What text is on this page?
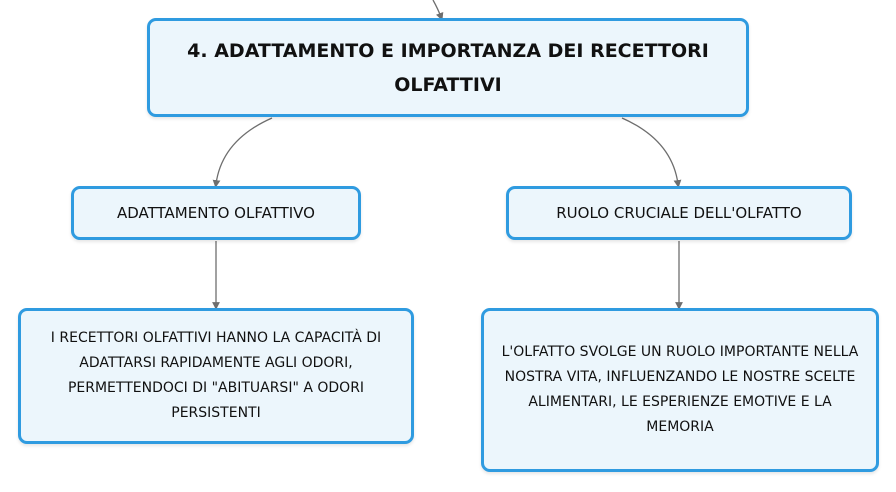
4. ADATTAMENTO E IMPORTANZA DEI RECETTORI OLFATTIVI
ADATTAMENTO OLFATTIVO	RUOLO CRUCIALE DELL'OLFATTO
I RECETTORI OLFATTIVI HANNO LA CAPACITÀ DI ADATTARSI RAPIDAMENTE AGLI ODORI, PERMETTENDOCI DI "ABITUARSI" A ODORI PERSISTENTI
L'OLFATTO SVOLGE UN RUOLO IMPORTANTE NELLA NOSTRA VITA, INFLUENZANDO LE NOSTRE SCELTE ALIMENTARI, LE ESPERIENZE EMOTIVE E LA MEMORIA
